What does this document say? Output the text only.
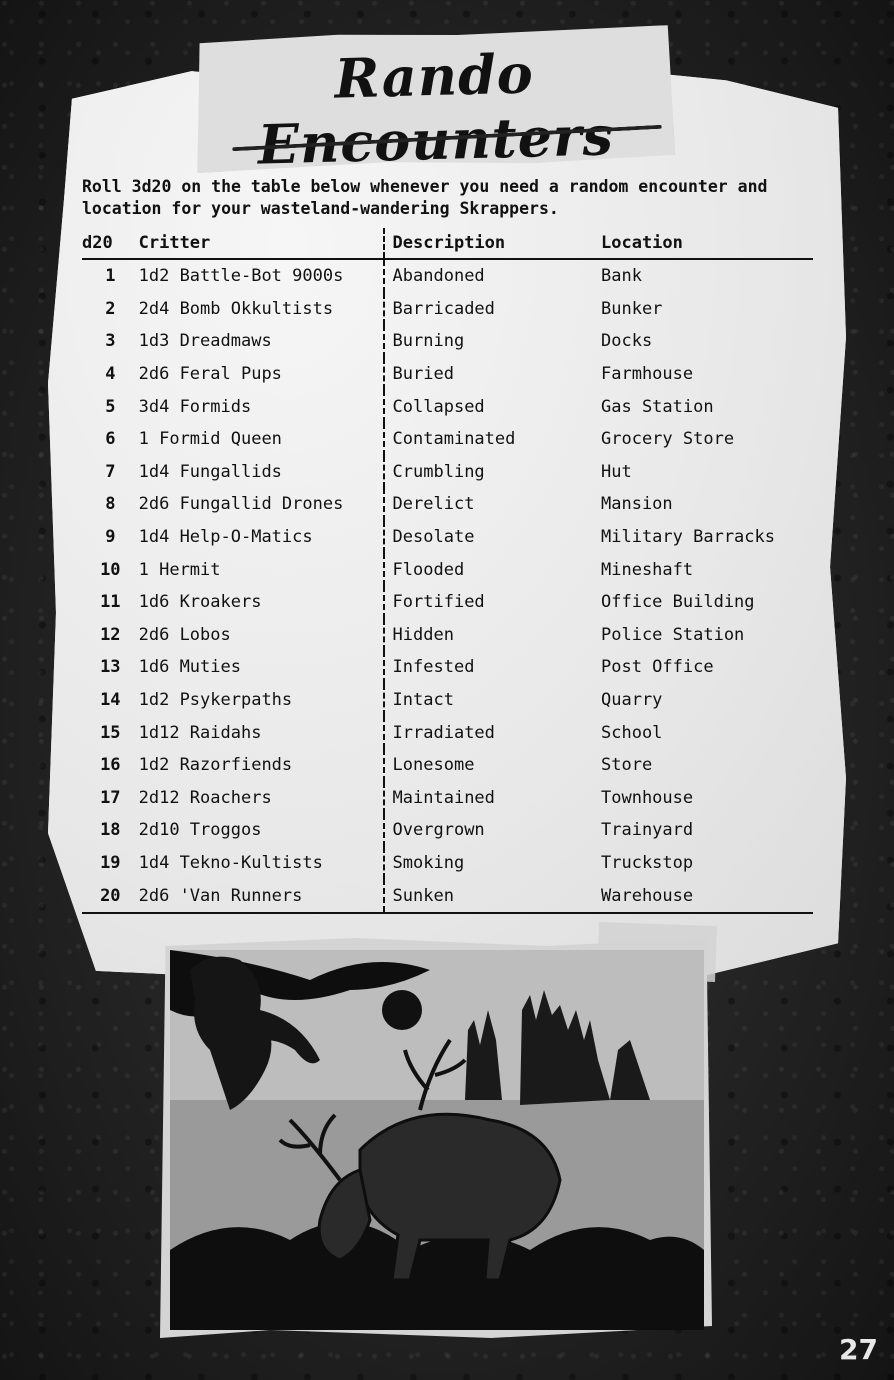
Rando Encounters
Roll 3d20 on the table below whenever you need a random encounter and location for your wasteland-wandering Skrappers.
d20	Critter	Description	Location
1	1d2 Battle-Bot 9000s	Abandoned	Bank
2	2d4 Bomb Okkultists	Barricaded	Bunker
3	1d3 Dreadmaws	Burning	Docks
4	2d6 Feral Pups	Buried	Farmhouse
5	3d4 Formids	Collapsed	Gas Station
6	1 Formid Queen	Contaminated	Grocery Store
7	1d4 Fungallids	Crumbling	Hut
8	2d6 Fungallid Drones	Derelict	Mansion
9	1d4 Help-O-Matics	Desolate	Military Barracks
10	1 Hermit	Flooded	Mineshaft
11	1d6 Kroakers	Fortified	Office Building
12	2d6 Lobos	Hidden	Police Station
13	1d6 Muties	Infested	Post Office
14	1d2 Psykerpaths	Intact	Quarry
15	1d12 Raidahs	Irradiated	School
16	1d2 Razorfiends	Lonesome	Store
17	2d12 Roachers	Maintained	Townhouse
18	2d10 Troggos	Overgrown	Trainyard
19	1d4 Tekno-Kultists	Smoking	Truckstop
20	2d6 'Van Runners	Sunken	Warehouse
27
